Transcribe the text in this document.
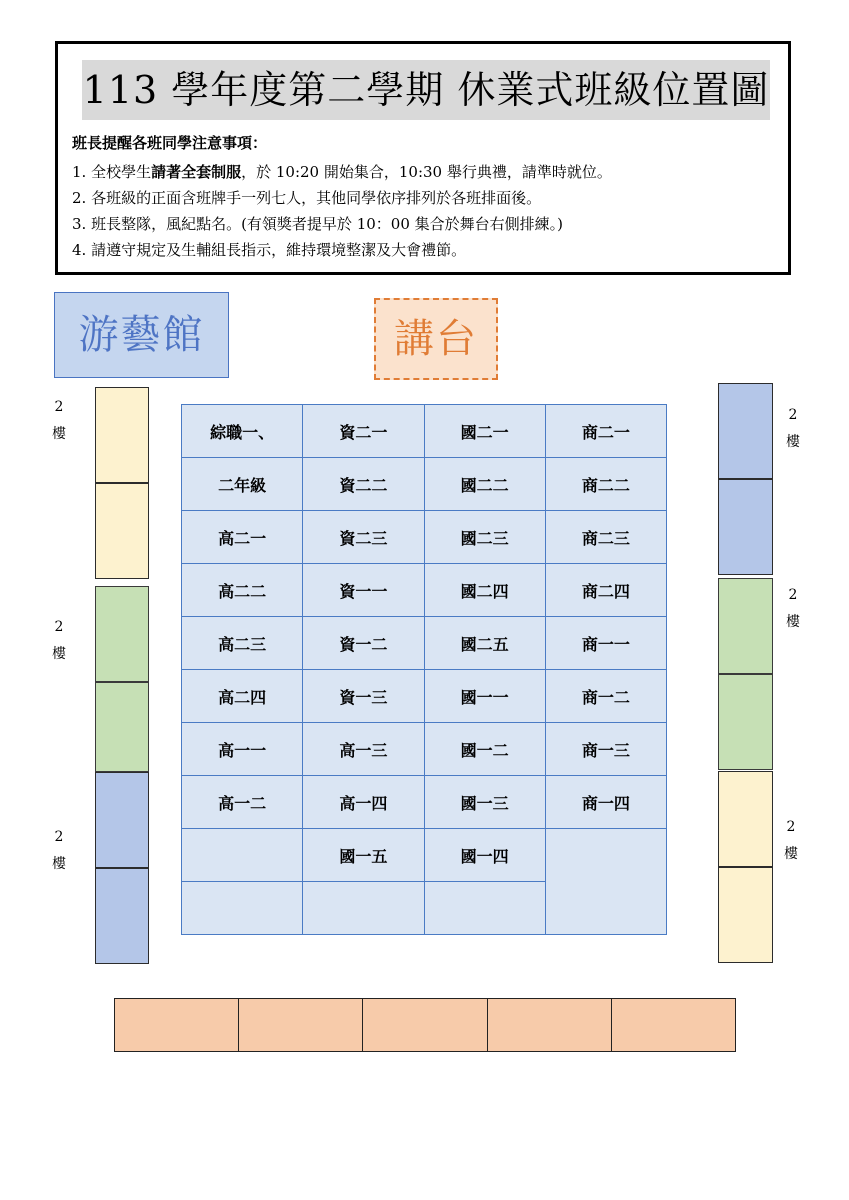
113 學年度第二學期 休業式班級位置圖
班長提醒各班同學注意事項：
1. 全校學生請著全套制服，於 10:20 開始集合，10:30 舉行典禮，請準時就位。
2. 各班級的正面含班牌手一列七人，其他同學依序排列於各班排面後。
3. 班長整隊，風紀點名。(有領獎者提早於 10：00 集合於舞台右側排練。)
4. 請遵守規定及生輔組長指示，維持環境整潔及大會禮節。
游藝館	講台
2
樓
2
樓
2
樓
2
樓
2
樓
2
樓
綜職一、	資二一	國二一	商二一
二年級	資二二	國二二	商二二
高二一	資二三	國二三	商二三
高二二	資一一	國二四	商二四
高二三	資一二	國二五	商一一
高二四	資一三	國一一	商一二
高一一	高一三	國一二	商一三
高一二	高一四	國一三	商一四
	國一五	國一四	
